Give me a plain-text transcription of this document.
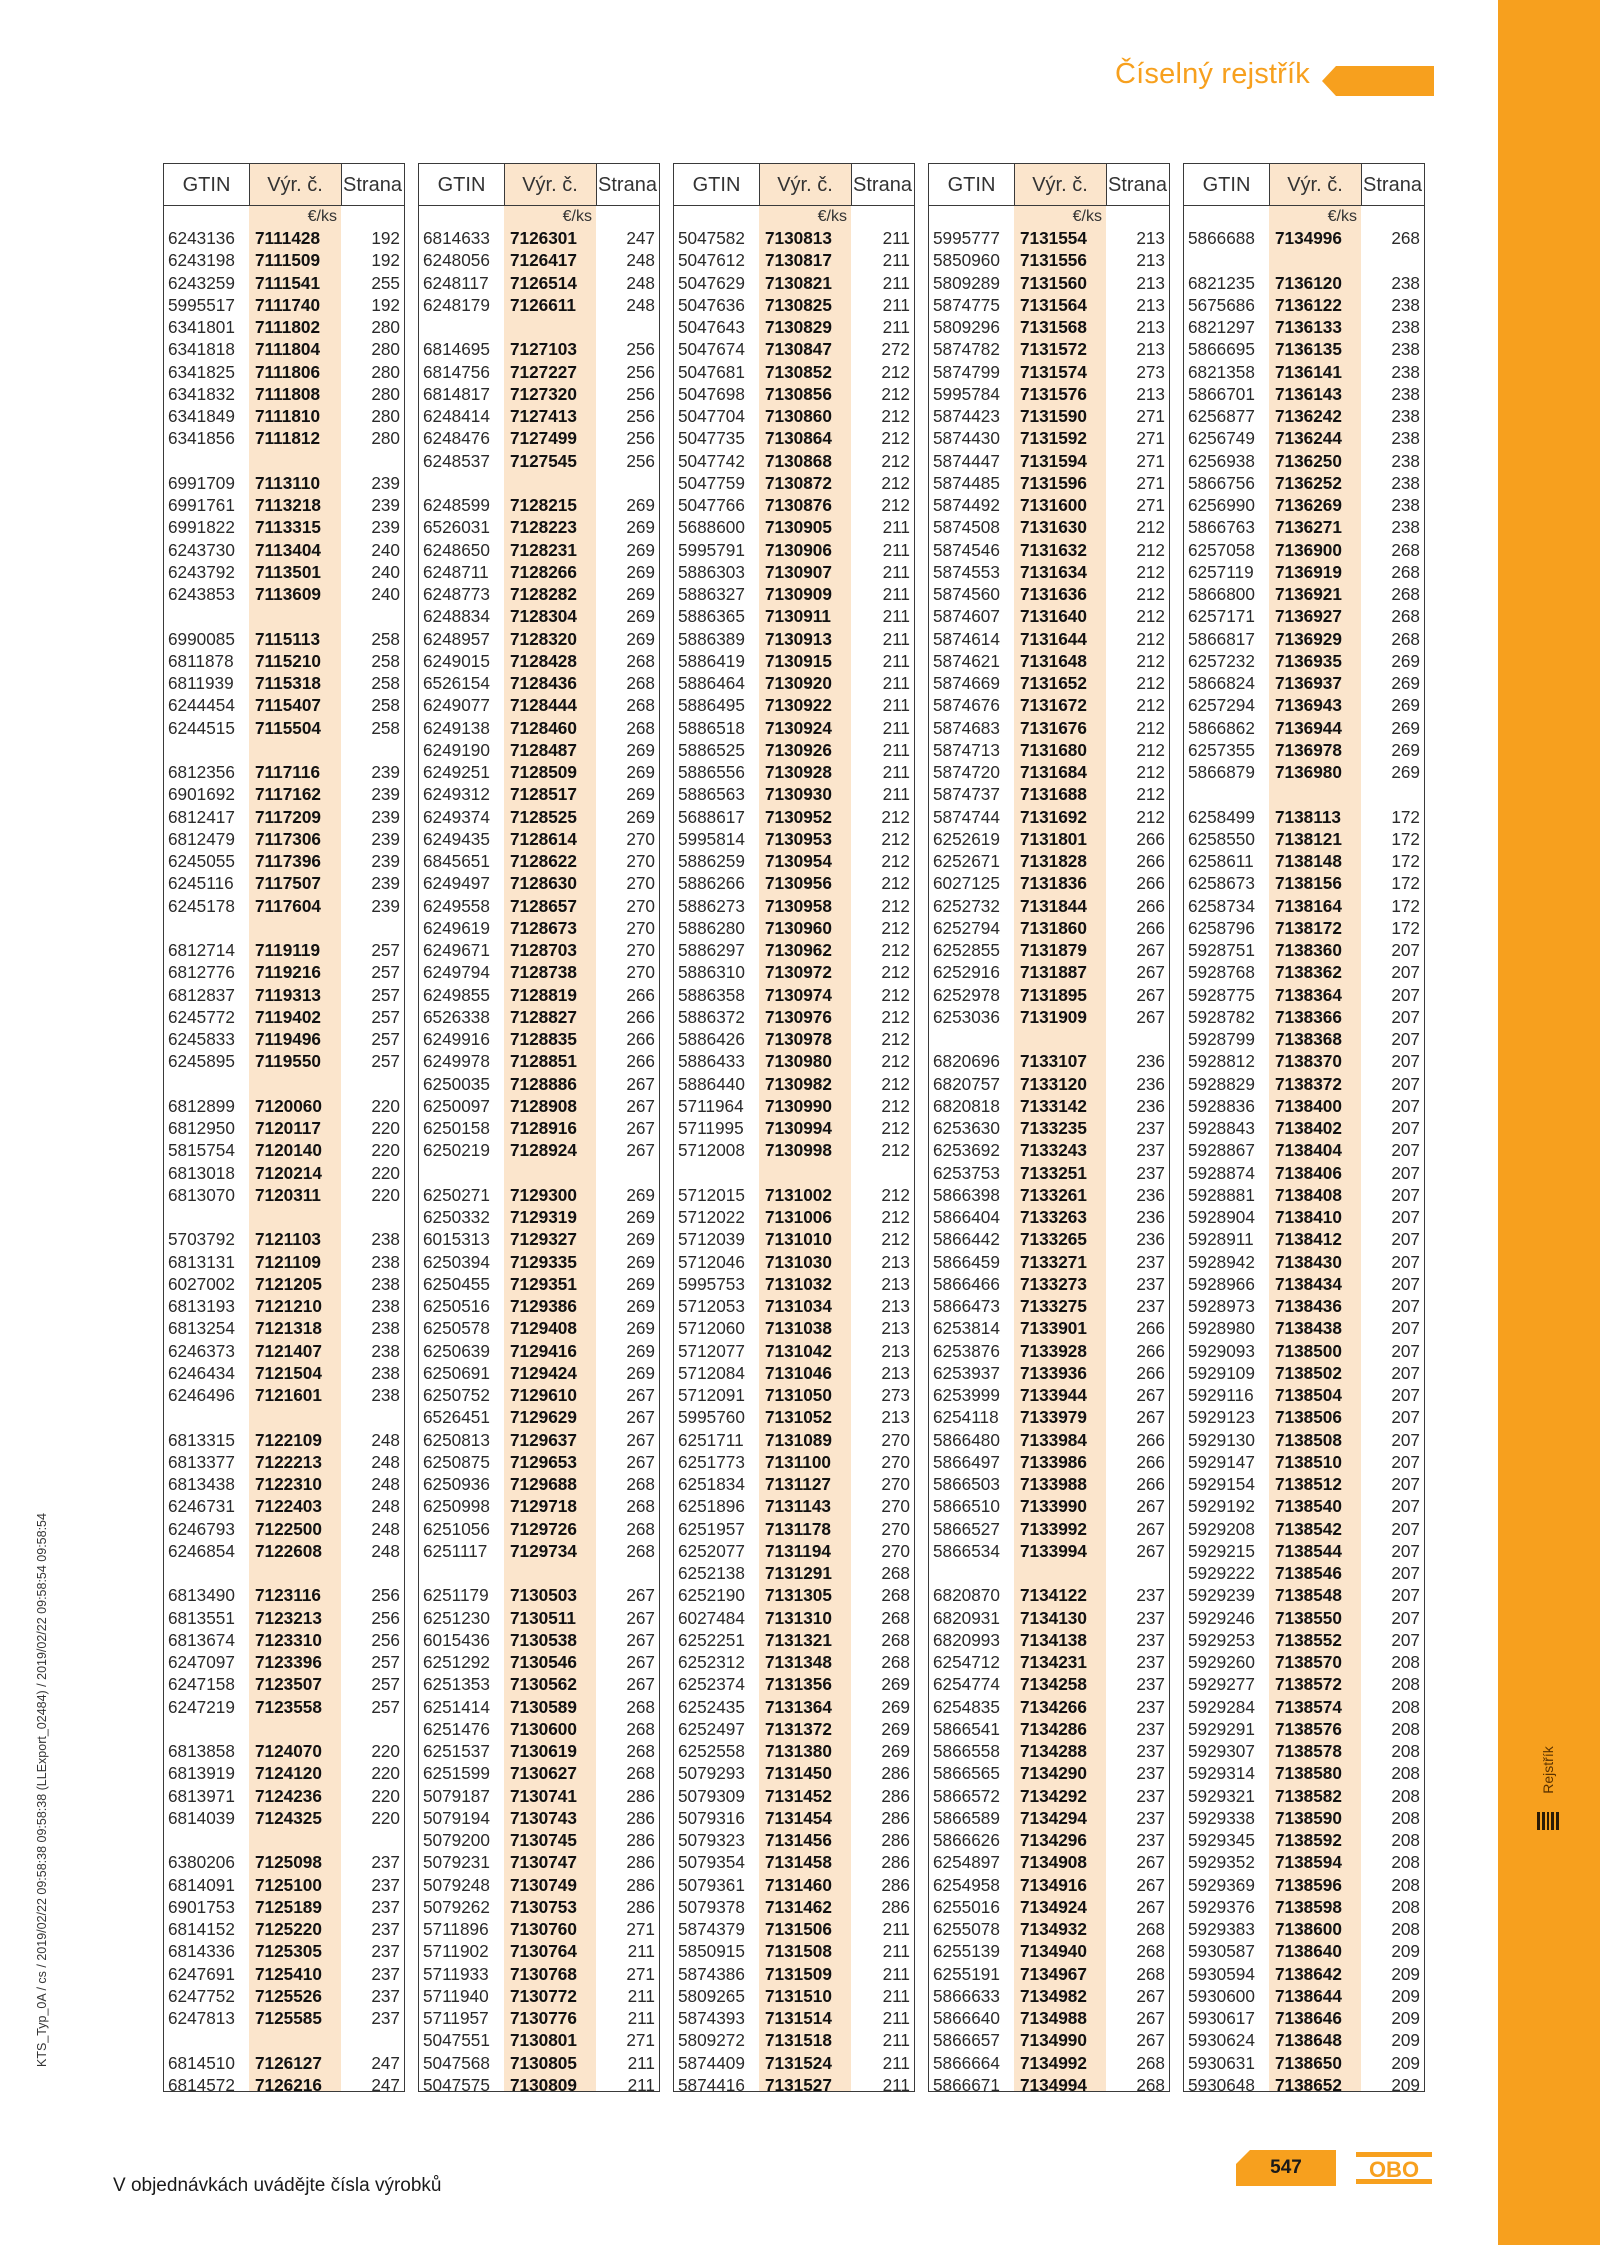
Rejstřík
Číselný rejstřík
KTS_Typ_0A / cs / 2019/02/22 09:58:38 09:58:38 (LLExport_02484) / 2019/02/22 09:58:54 09:58:54
GTIN	Výr. č.	Strana
€/ks
6243136	7111428	192
6243198	7111509	192
6243259	7111541	255
5995517	7111740	192
6341801	7111802	280
6341818	7111804	280
6341825	7111806	280
6341832	7111808	280
6341849	7111810	280
6341856	7111812	280
6991709	7113110	239
6991761	7113218	239
6991822	7113315	239
6243730	7113404	240
6243792	7113501	240
6243853	7113609	240
6990085	7115113	258
6811878	7115210	258
6811939	7115318	258
6244454	7115407	258
6244515	7115504	258
6812356	7117116	239
6901692	7117162	239
6812417	7117209	239
6812479	7117306	239
6245055	7117396	239
6245116	7117507	239
6245178	7117604	239
6812714	7119119	257
6812776	7119216	257
6812837	7119313	257
6245772	7119402	257
6245833	7119496	257
6245895	7119550	257
6812899	7120060	220
6812950	7120117	220
5815754	7120140	220
6813018	7120214	220
6813070	7120311	220
5703792	7121103	238
6813131	7121109	238
6027002	7121205	238
6813193	7121210	238
6813254	7121318	238
6246373	7121407	238
6246434	7121504	238
6246496	7121601	238
6813315	7122109	248
6813377	7122213	248
6813438	7122310	248
6246731	7122403	248
6246793	7122500	248
6246854	7122608	248
6813490	7123116	256
6813551	7123213	256
6813674	7123310	256
6247097	7123396	257
6247158	7123507	257
6247219	7123558	257
6813858	7124070	220
6813919	7124120	220
6813971	7124236	220
6814039	7124325	220
6380206	7125098	237
6814091	7125100	237
6901753	7125189	237
6814152	7125220	237
6814336	7125305	237
6247691	7125410	237
6247752	7125526	237
6247813	7125585	237
6814510	7126127	247
6814572	7126216	247
GTIN	Výr. č.	Strana
€/ks
6814633	7126301	247
6248056	7126417	248
6248117	7126514	248
6248179	7126611	248
6814695	7127103	256
6814756	7127227	256
6814817	7127320	256
6248414	7127413	256
6248476	7127499	256
6248537	7127545	256
6248599	7128215	269
6526031	7128223	269
6248650	7128231	269
6248711	7128266	269
6248773	7128282	269
6248834	7128304	269
6248957	7128320	269
6249015	7128428	268
6526154	7128436	268
6249077	7128444	268
6249138	7128460	268
6249190	7128487	269
6249251	7128509	269
6249312	7128517	269
6249374	7128525	269
6249435	7128614	270
6845651	7128622	270
6249497	7128630	270
6249558	7128657	270
6249619	7128673	270
6249671	7128703	270
6249794	7128738	270
6249855	7128819	266
6526338	7128827	266
6249916	7128835	266
6249978	7128851	266
6250035	7128886	267
6250097	7128908	267
6250158	7128916	267
6250219	7128924	267
6250271	7129300	269
6250332	7129319	269
6015313	7129327	269
6250394	7129335	269
6250455	7129351	269
6250516	7129386	269
6250578	7129408	269
6250639	7129416	269
6250691	7129424	269
6250752	7129610	267
6526451	7129629	267
6250813	7129637	267
6250875	7129653	267
6250936	7129688	268
6250998	7129718	268
6251056	7129726	268
6251117	7129734	268
6251179	7130503	267
6251230	7130511	267
6015436	7130538	267
6251292	7130546	267
6251353	7130562	267
6251414	7130589	268
6251476	7130600	268
6251537	7130619	268
6251599	7130627	268
5079187	7130741	286
5079194	7130743	286
5079200	7130745	286
5079231	7130747	286
5079248	7130749	286
5079262	7130753	286
5711896	7130760	271
5711902	7130764	211
5711933	7130768	271
5711940	7130772	211
5711957	7130776	211
5047551	7130801	271
5047568	7130805	211
5047575	7130809	211
GTIN	Výr. č.	Strana
€/ks
5047582	7130813	211
5047612	7130817	211
5047629	7130821	211
5047636	7130825	211
5047643	7130829	211
5047674	7130847	272
5047681	7130852	212
5047698	7130856	212
5047704	7130860	212
5047735	7130864	212
5047742	7130868	212
5047759	7130872	212
5047766	7130876	212
5688600	7130905	211
5995791	7130906	211
5886303	7130907	211
5886327	7130909	211
5886365	7130911	211
5886389	7130913	211
5886419	7130915	211
5886464	7130920	211
5886495	7130922	211
5886518	7130924	211
5886525	7130926	211
5886556	7130928	211
5886563	7130930	211
5688617	7130952	212
5995814	7130953	212
5886259	7130954	212
5886266	7130956	212
5886273	7130958	212
5886280	7130960	212
5886297	7130962	212
5886310	7130972	212
5886358	7130974	212
5886372	7130976	212
5886426	7130978	212
5886433	7130980	212
5886440	7130982	212
5711964	7130990	212
5711995	7130994	212
5712008	7130998	212
5712015	7131002	212
5712022	7131006	212
5712039	7131010	212
5712046	7131030	213
5995753	7131032	213
5712053	7131034	213
5712060	7131038	213
5712077	7131042	213
5712084	7131046	213
5712091	7131050	273
5995760	7131052	213
6251711	7131089	270
6251773	7131100	270
6251834	7131127	270
6251896	7131143	270
6251957	7131178	270
6252077	7131194	270
6252138	7131291	268
6252190	7131305	268
6027484	7131310	268
6252251	7131321	268
6252312	7131348	268
6252374	7131356	269
6252435	7131364	269
6252497	7131372	269
6252558	7131380	269
5079293	7131450	286
5079309	7131452	286
5079316	7131454	286
5079323	7131456	286
5079354	7131458	286
5079361	7131460	286
5079378	7131462	286
5874379	7131506	211
5850915	7131508	211
5874386	7131509	211
5809265	7131510	211
5874393	7131514	211
5809272	7131518	211
5874409	7131524	211
5874416	7131527	211
GTIN	Výr. č.	Strana
€/ks
5995777	7131554	213
5850960	7131556	213
5809289	7131560	213
5874775	7131564	213
5809296	7131568	213
5874782	7131572	213
5874799	7131574	273
5995784	7131576	213
5874423	7131590	271
5874430	7131592	271
5874447	7131594	271
5874485	7131596	271
5874492	7131600	271
5874508	7131630	212
5874546	7131632	212
5874553	7131634	212
5874560	7131636	212
5874607	7131640	212
5874614	7131644	212
5874621	7131648	212
5874669	7131652	212
5874676	7131672	212
5874683	7131676	212
5874713	7131680	212
5874720	7131684	212
5874737	7131688	212
5874744	7131692	212
6252619	7131801	266
6252671	7131828	266
6027125	7131836	266
6252732	7131844	266
6252794	7131860	266
6252855	7131879	267
6252916	7131887	267
6252978	7131895	267
6253036	7131909	267
6820696	7133107	236
6820757	7133120	236
6820818	7133142	236
6253630	7133235	237
6253692	7133243	237
6253753	7133251	237
5866398	7133261	236
5866404	7133263	236
5866442	7133265	236
5866459	7133271	237
5866466	7133273	237
5866473	7133275	237
6253814	7133901	266
6253876	7133928	266
6253937	7133936	266
6253999	7133944	267
6254118	7133979	267
5866480	7133984	266
5866497	7133986	266
5866503	7133988	266
5866510	7133990	267
5866527	7133992	267
5866534	7133994	267
6820870	7134122	237
6820931	7134130	237
6820993	7134138	237
6254712	7134231	237
6254774	7134258	237
6254835	7134266	237
5866541	7134286	237
5866558	7134288	237
5866565	7134290	237
5866572	7134292	237
5866589	7134294	237
5866626	7134296	237
6254897	7134908	267
6254958	7134916	267
6255016	7134924	267
6255078	7134932	268
6255139	7134940	268
6255191	7134967	268
5866633	7134982	267
5866640	7134988	267
5866657	7134990	267
5866664	7134992	268
5866671	7134994	268
GTIN	Výr. č.	Strana
€/ks
5866688	7134996	268
6821235	7136120	238
5675686	7136122	238
6821297	7136133	238
5866695	7136135	238
6821358	7136141	238
5866701	7136143	238
6256877	7136242	238
6256749	7136244	238
6256938	7136250	238
5866756	7136252	238
6256990	7136269	238
5866763	7136271	238
6257058	7136900	268
6257119	7136919	268
5866800	7136921	268
6257171	7136927	268
5866817	7136929	268
6257232	7136935	269
5866824	7136937	269
6257294	7136943	269
5866862	7136944	269
6257355	7136978	269
5866879	7136980	269
6258499	7138113	172
6258550	7138121	172
6258611	7138148	172
6258673	7138156	172
6258734	7138164	172
6258796	7138172	172
5928751	7138360	207
5928768	7138362	207
5928775	7138364	207
5928782	7138366	207
5928799	7138368	207
5928812	7138370	207
5928829	7138372	207
5928836	7138400	207
5928843	7138402	207
5928867	7138404	207
5928874	7138406	207
5928881	7138408	207
5928904	7138410	207
5928911	7138412	207
5928942	7138430	207
5928966	7138434	207
5928973	7138436	207
5928980	7138438	207
5929093	7138500	207
5929109	7138502	207
5929116	7138504	207
5929123	7138506	207
5929130	7138508	207
5929147	7138510	207
5929154	7138512	207
5929192	7138540	207
5929208	7138542	207
5929215	7138544	207
5929222	7138546	207
5929239	7138548	207
5929246	7138550	207
5929253	7138552	207
5929260	7138570	208
5929277	7138572	208
5929284	7138574	208
5929291	7138576	208
5929307	7138578	208
5929314	7138580	208
5929321	7138582	208
5929338	7138590	208
5929345	7138592	208
5929352	7138594	208
5929369	7138596	208
5929376	7138598	208
5929383	7138600	208
5930587	7138640	209
5930594	7138642	209
5930600	7138644	209
5930617	7138646	209
5930624	7138648	209
5930631	7138650	209
5930648	7138652	209
V objednávkách uvádějte čísla výrobků
547	OBO
